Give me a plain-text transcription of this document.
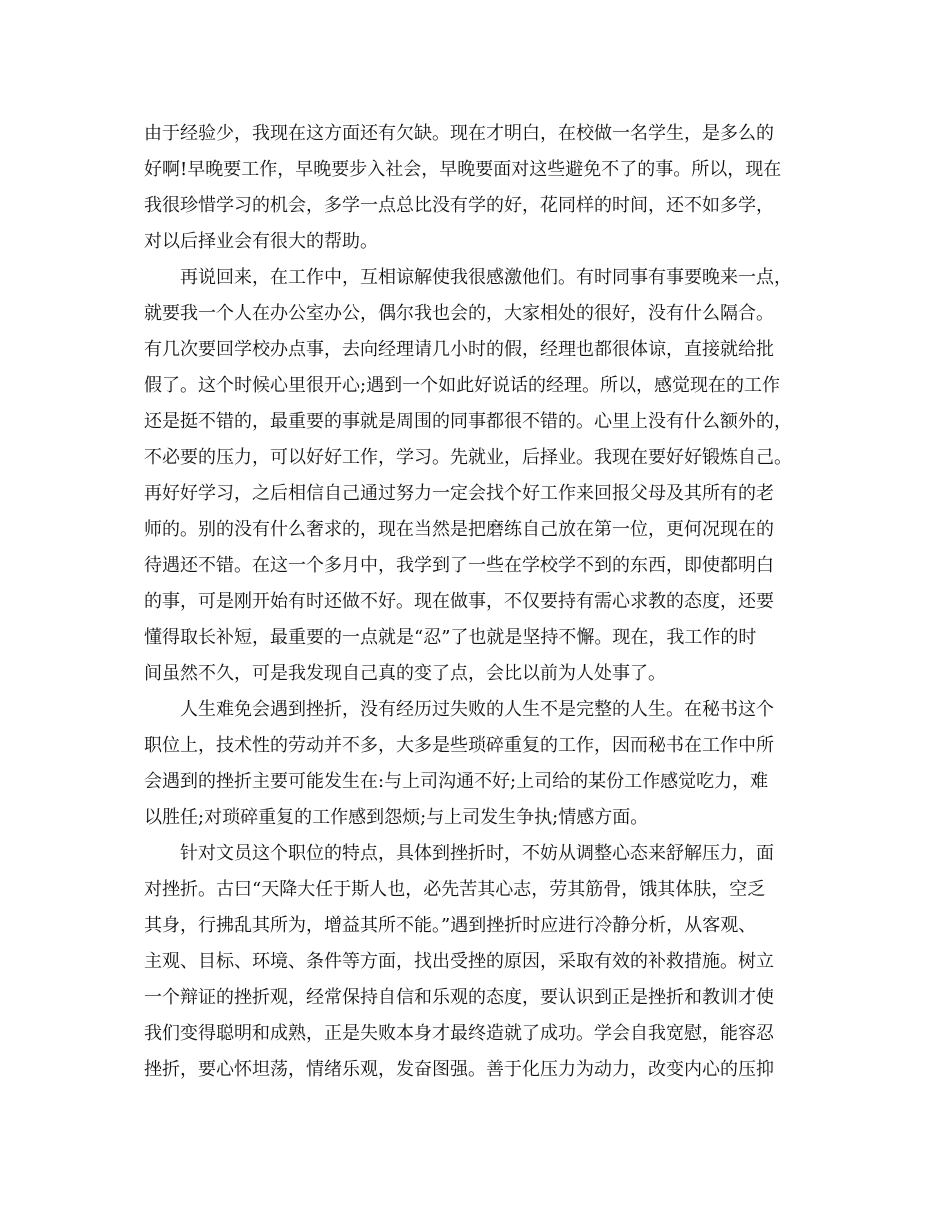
由于经验少，我现在这方面还有欠缺。现在才明白，在校做一名学生，是多么的
好啊!早晚要工作，早晚要步入社会，早晚要面对这些避免不了的事。所以，现在
我很珍惜学习的机会，多学一点总比没有学的好，花同样的时间，还不如多学，
对以后择业会有很大的帮助。
再说回来，在工作中，互相谅解使我很感激他们。有时同事有事要晚来一点，
就要我一个人在办公室办公，偶尔我也会的，大家相处的很好，没有什么隔合。
有几次要回学校办点事，去向经理请几小时的假，经理也都很体谅，直接就给批
假了。这个时候心里很开心;遇到一个如此好说话的经理。所以，感觉现在的工作
还是挺不错的，最重要的事就是周围的同事都很不错的。心里上没有什么额外的，
不必要的压力，可以好好工作，学习。先就业，后择业。我现在要好好锻炼自己。
再好好学习，之后相信自己通过努力一定会找个好工作来回报父母及其所有的老
师的。别的没有什么奢求的，现在当然是把磨练自己放在第一位，更何况现在的
待遇还不错。在这一个多月中，我学到了一些在学校学不到的东西，即使都明白
的事，可是刚开始有时还做不好。现在做事，不仅要持有需心求教的态度，还要
懂得取长补短，最重要的一点就是“忍”了也就是坚持不懈。现在，我工作的时
间虽然不久，可是我发现自己真的变了点，会比以前为人处事了。
人生难免会遇到挫折，没有经历过失败的人生不是完整的人生。在秘书这个
职位上，技术性的劳动并不多，大多是些琐碎重复的工作，因而秘书在工作中所
会遇到的挫折主要可能发生在:与上司沟通不好;上司给的某份工作感觉吃力，难
以胜任;对琐碎重复的工作感到怨烦;与上司发生争执;情感方面。
针对文员这个职位的特点，具体到挫折时，不妨从调整心态来舒解压力，面
对挫折。古曰“天降大任于斯人也，必先苦其心志，劳其筋骨，饿其体肤，空乏
其身，行拂乱其所为，增益其所不能。”遇到挫折时应进行冷静分析，从客观、
主观、目标、环境、条件等方面，找出受挫的原因，采取有效的补救措施。树立
一个辩证的挫折观，经常保持自信和乐观的态度，要认识到正是挫折和教训才使
我们变得聪明和成熟，正是失败本身才最终造就了成功。学会自我宽慰，能容忍
挫折，要心怀坦荡，情绪乐观，发奋图强。善于化压力为动力，改变内心的压抑
